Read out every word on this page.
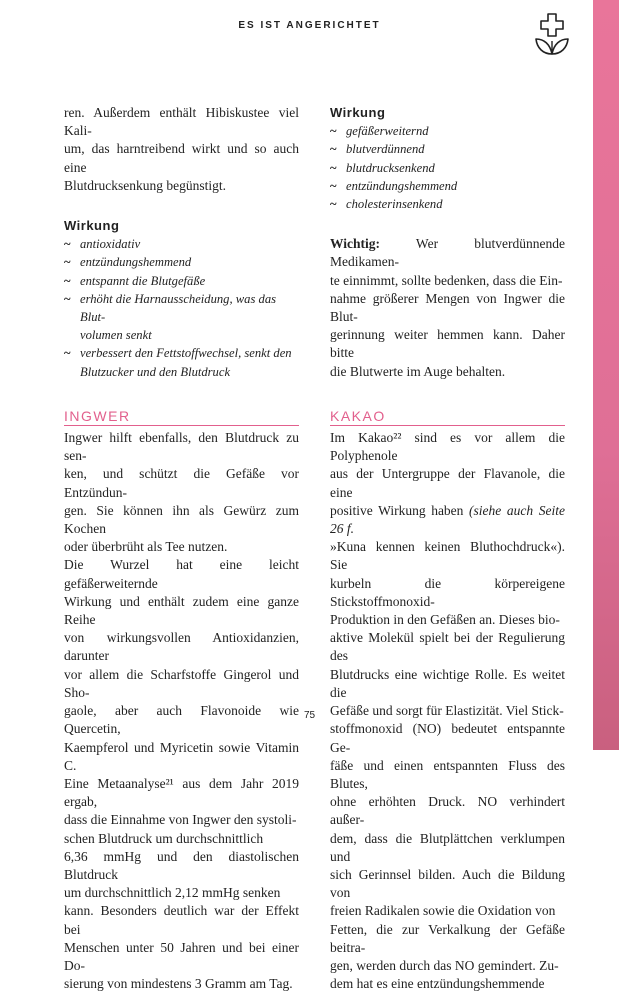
ES IST ANGERICHTET

ren. Außerdem enthält Hibiskustee viel Kali-
um, das harntreibend wirkt und so auch eine
Blutdrucksenkung begünstigt.

Wirkung
~ antioxidativ
~ entzündungshemmend
~ entspannt die Blutgefäße
~ erhöht die Harnausscheidung, was das Blut-
volumen senkt
~ verbessert den Fettstoffwechsel, senkt den
Blutzucker und den Blutdruck
INGWER

Ingwer hilft ebenfalls, den Blutdruck zu sen-
ken, und schützt die Gefäße vor Entzündun-
gen. Sie können ihn als Gewürz zum Kochen
oder überbrüht als Tee nutzen.
Die Wurzel hat eine leicht gefäßerweiternde
Wirkung und enthält zudem eine ganze Reihe
von wirkungsvollen Antioxidanzien, darunter
vor allem die Scharfstoffe Gingerol und Sho-
gaole, aber auch Flavonoide wie Quercetin,
Kaempferol und Myricetin sowie Vitamin C.
Eine Metaanalyse²¹ aus dem Jahr 2019 ergab,
dass die Einnahme von Ingwer den systoli-
schen Blutdruck um durchschnittlich
6,36 mmHg und den diastolischen Blutdruck
um durchschnittlich 2,12 mmHg senken
kann. Besonders deutlich war der Effekt bei
Menschen unter 50 Jahren und bei einer Do-
sierung von mindestens 3 Gramm am Tag.

Wirkung
~ gefäßerweiternd
~ blutverdünnend
~ blutdrucksenkend
~ entzündungshemmend
~ cholesterinsenkend

Wichtig: Wer blutverdünnende Medikamen-
te einnimmt, sollte bedenken, dass die Ein-
nahme größerer Mengen von Ingwer die Blut-
gerinnung weiter hemmen kann. Daher bitte
die Blutwerte im Auge behalten.

KAKAO

Im Kakao²² sind es vor allem die Polyphenole
aus der Untergruppe der Flavanole, die eine
positive Wirkung haben (siehe auch Seite 26 f.
»Kuna kennen keinen Bluthochdruck«). Sie
kurbeln die körpereigene Stickstoffmonoxid-
Produktion in den Gefäßen an. Dieses bio-
aktive Molekül spielt bei der Regulierung des
Blutdrucks eine wichtige Rolle. Es weitet die
Gefäße und sorgt für Elastizität. Viel Stick-
stoffmonoxid (NO) bedeutet entspannte Ge-
fäße und einen entspannten Fluss des Blutes,
ohne erhöhten Druck. NO verhindert außer-
dem, dass die Blutplättchen verklumpen und
sich Gerinnsel bilden. Auch die Bildung von
freien Radikalen sowie die Oxidation von
Fetten, die zur Verkalkung der Gefäße beitra-
gen, werden durch das NO gemindert. Zu-
dem hat es eine entzündungshemmende

75
